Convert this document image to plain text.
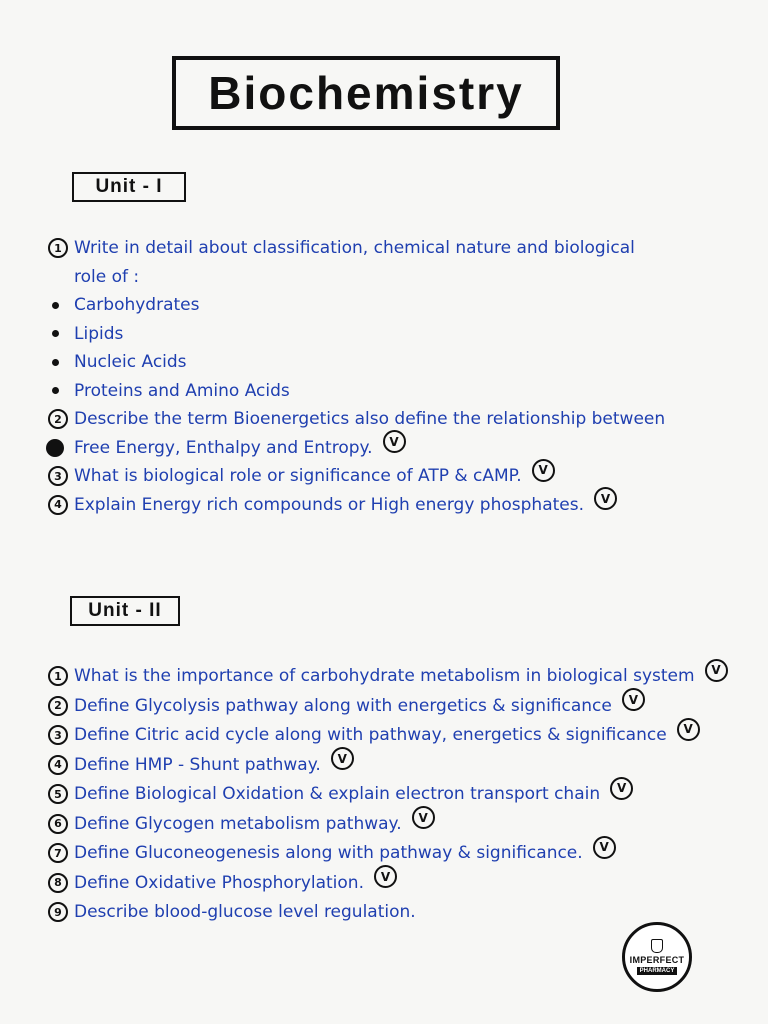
Biochemistry
Unit - I
1 Write in detail about classification, chemical nature and biological
role of :
Carbohydrates
Lipids
Nucleic Acids
Proteins and Amino Acids
2 Describe the term Bioenergetics also define the relationship between
Free Energy, Enthalpy and Entropy.	V
3 What is biological role or significance of ATP & cAMP.	V
4 Explain Energy rich compounds or High energy phosphates.	V
Unit - II
1 What is the importance of carbohydrate metabolism in biological system	V
2 Define Glycolysis pathway along with energetics & significance	V
3 Define Citric acid cycle along with pathway, energetics & significance	V
4 Define HMP - Shunt pathway.	V
5 Define Biological Oxidation & explain electron transport chain	V
6 Define Glycogen metabolism pathway.	V
7 Define Gluconeogenesis along with pathway & significance.	V
8 Define Oxidative Phosphorylation.	V
9 Describe blood-glucose level regulation.
IMPERFECT
PHARMACY
